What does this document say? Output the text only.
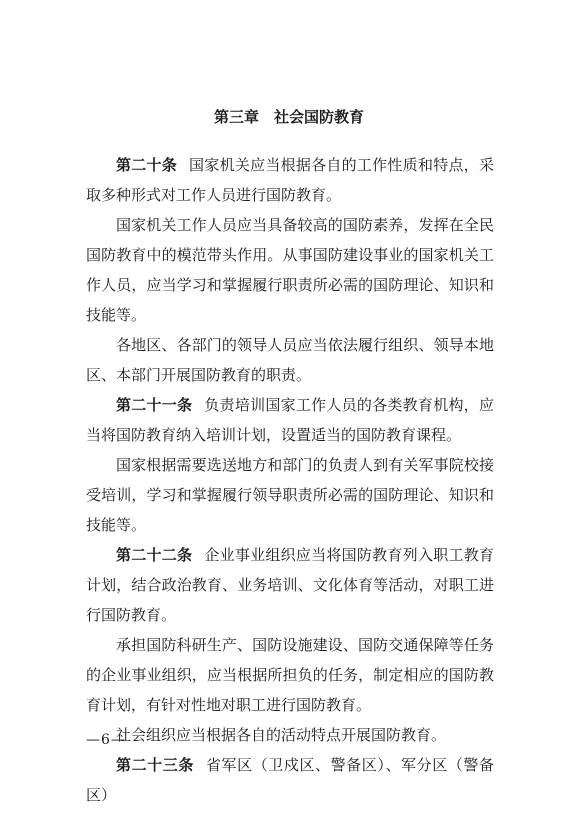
第三章　社会国防教育

第二十条 国家机关应当根据各自的工作性质和特点，采取多种形式对工作人员进行国防教育。

国家机关工作人员应当具备较高的国防素养，发挥在全民国防教育中的模范带头作用。从事国防建设事业的国家机关工作人员，应当学习和掌握履行职责所必需的国防理论、知识和技能等。

各地区、各部门的领导人员应当依法履行组织、领导本地区、本部门开展国防教育的职责。

第二十一条 负责培训国家工作人员的各类教育机构，应当将国防教育纳入培训计划，设置适当的国防教育课程。

国家根据需要选送地方和部门的负责人到有关军事院校接受培训，学习和掌握履行领导职责所必需的国防理论、知识和技能等。

第二十二条 企业事业组织应当将国防教育列入职工教育计划，结合政治教育、业务培训、文化体育等活动，对职工进行国防教育。

承担国防科研生产、国防设施建设、国防交通保障等任务的企业事业组织，应当根据所担负的任务，制定相应的国防教育计划，有针对性地对职工进行国防教育。

社会组织应当根据各自的活动特点开展国防教育。

第二十三条 省军区（卫戍区、警备区）、军分区（警备区）

—6—
